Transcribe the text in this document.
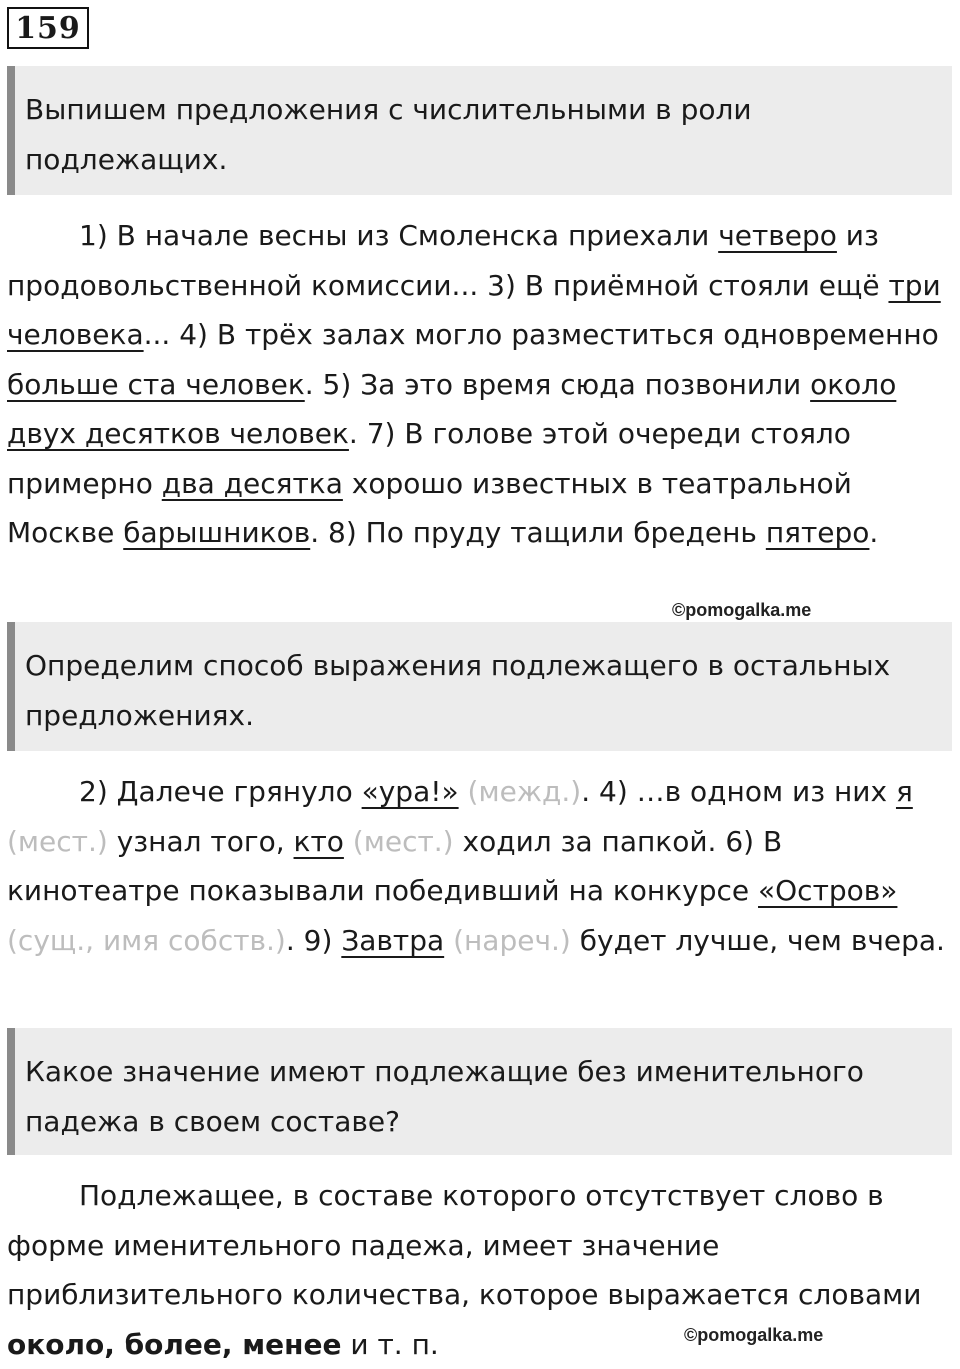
159
Выпишем предложения с числительными в роли подлежащих.
1) В начале весны из Смоленска приехали четверо из продовольственной комиссии... 3) В приёмной стояли ещё три человека... 4) В трёх залах могло разместиться одновременно больше ста человек. 5) За это время сюда позвонили около двух десятков человек. 7) В голове этой очереди стояло примерно два десятка хорошо известных в театральной Москве барышников. 8) По пруду тащили бредень пятеро.
©pomogalka.me
Определим способ выражения подлежащего в остальных предложениях.
2) Далече грянуло «ура!» (межд.). 4) …в одном из них я (мест.) узнал того, кто (мест.) ходил за папкой. 6) В кинотеатре показывали победивший на конкурсе «Остров» (сущ., имя собств.). 9) Завтра (нареч.) будет лучше, чем вчера.
Какое значение имеют подлежащие без именительного падежа в своем составе?
Подлежащее, в составе которого отсутствует слово в форме именительного падежа, имеет значение приблизительного количества, которое выражается словами около, более, менее и т. п.	©pomogalka.me
